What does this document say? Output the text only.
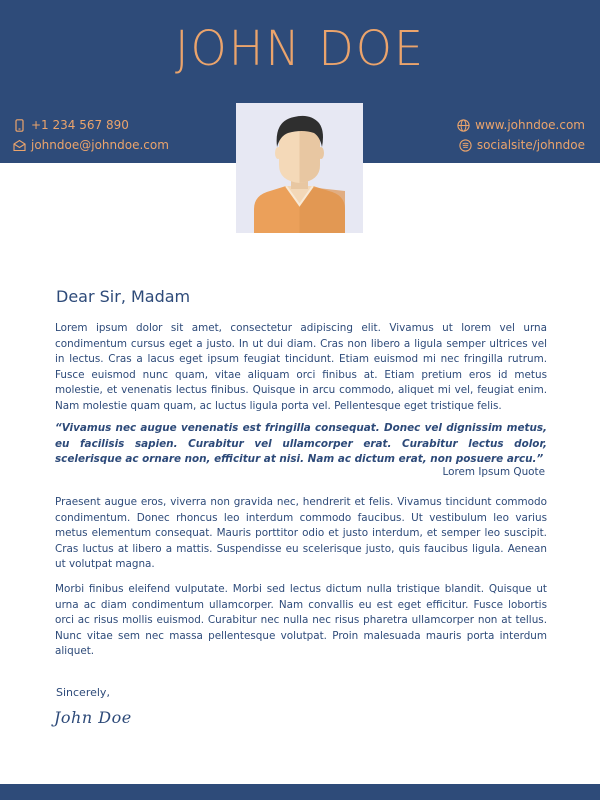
JOHN DOE
+1 234 567 890
johndoe@johndoe.com
www.johndoe.com
socialsite/johndoe
Dear Sir, Madam
Lorem ipsum dolor sit amet, consectetur adipiscing elit. Vivamus ut lorem vel urna condimentum cursus eget a justo. In ut dui diam. Cras non libero a ligula semper ultrices vel in lectus. Cras a lacus eget ipsum feugiat tincidunt. Etiam euismod mi nec fringilla rutrum. Fusce euismod nunc quam, vitae aliquam orci finibus at. Etiam pretium eros id metus molestie, et venenatis lectus finibus. Quisque in arcu commodo, aliquet mi vel, feugiat enim. Nam molestie quam quam, ac luctus ligula porta vel. Pellentesque eget tristique felis.
“Vivamus nec augue venenatis est fringilla consequat. Donec vel dignissim metus, eu facilisis sapien. Curabitur vel ullamcorper erat. Curabitur lectus dolor, scelerisque ac ornare non, efficitur at nisi. Nam ac dictum erat, non posuere arcu.”
Lorem Ipsum Quote
Praesent augue eros, viverra non gravida nec, hendrerit et felis. Vivamus tincidunt commodo condimentum. Donec rhoncus leo interdum commodo faucibus. Ut vestibulum leo varius metus elementum consequat. Mauris porttitor odio et justo interdum, et semper leo suscipit. Cras luctus at libero a mattis. Suspendisse eu scelerisque justo, quis faucibus ligula. Aenean ut volutpat magna.
Morbi finibus eleifend vulputate. Morbi sed lectus dictum nulla tristique blandit. Quisque ut urna ac diam condimentum ullamcorper. Nam convallis eu est eget efficitur. Fusce lobortis orci ac risus mollis euismod. Curabitur nec nulla nec risus pharetra ullamcorper non at tellus. Nunc vitae sem nec massa pellentesque volutpat. Proin malesuada mauris porta interdum aliquet.
Sincerely,
John Doe
